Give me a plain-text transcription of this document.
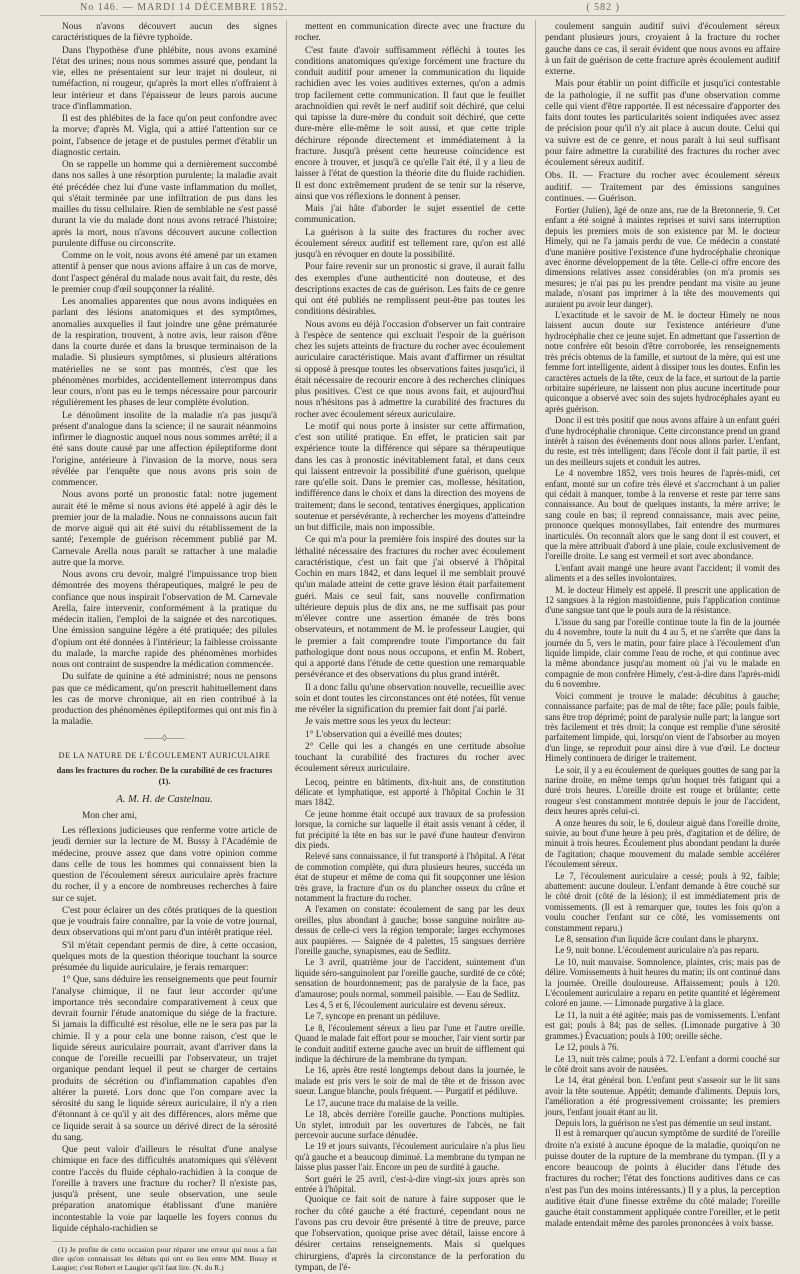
No 146. — MARDI 14 DÉCEMBRE 1852.	( 582 )

Nous n'avons découvert aucun des signes caractéristiques de la fièvre typhoïde.

Dans l'hypothèse d'une phlébite, nous avons examiné l'état des urines; nous nous sommes assuré que, pendant la vie, elles ne présentaient sur leur trajet ni douleur, ni tuméfaction, ni rougeur, qu'après la mort elles n'offraient à leur intérieur et dans l'épaisseur de leurs parois aucune trace d'inflammation.

Il est des phlébites de la face qu'on peut confondre avec la morve; d'après M. Vigla, qui a attiré l'attention sur ce point, l'absence de jetage et de pustules permet d'établir un diagnostic certain.

On se rappelle un homme qui a dernièrement succombé dans nos salles à une résorption purulente; la maladie avait été précédée chez lui d'une vaste inflammation du mollet, qui s'était terminée par une infiltration de pus dans les mailles du tissu cellulaire. Rien de semblable ne s'est passé durant la vie du malade dont nous avons retracé l'histoire; après la mort, nous n'avons découvert aucune collection purulente diffuse ou circonscrite.

Comme on le voit, nous avons été amené par un examen attentif à penser que nous avions affaire à un cas de morve, dont l'aspect général du malade nous avait fait, du reste, dès le premier coup d'œil soupçonner la réalité.

Les anomalies apparentes que nous avons indiquées en parlant des lésions anatomiques et des symptômes, anomalies auxquelles il faut joindre une gêne prématurée de la respiration, trouvent, à notre avis, leur raison d'être dans la courte durée et dans la brusque terminaison de la maladie. Si plusieurs symptômes, si plusieurs altérations matérielles ne se sont pas montrés, c'est que les phénomènes morbides, accidentellement interrompus dans leur cours, n'ont pas eu le temps nécessaire pour parcourir régulièrement les phases de leur complète évolution.

Le dénoûment insolite de la maladie n'a pas jusqu'à présent d'analogue dans la science; il ne saurait néanmoins infirmer le diagnostic auquel nous nous sommes arrêté; il a été sans doute causé par une affection épileptiforme dont l'origine, antérieure à l'invasion de la morve, nous sera révélée par l'enquête que nous avons pris soin de commencer.

Nous avons porté un pronostic fatal: notre jugement aurait été le même si nous avions été appelé à agir dès le premier jour de la maladie. Nous ne connaissons aucun fait de morve aiguë qui ait été suivi du rétablissement de la santé; l'exemple de guérison récemment publié par M. Carnevale Arella nous paraît se rattacher à une maladie autre que la morve.

Nous avons cru devoir, malgré l'impuissance trop bien démontrée des moyens thérapeutiques, malgré le peu de confiance que nous inspirait l'observation de M. Carnevale Arella, faire intervenir, conformément à la pratique du médecin italien, l'emploi de la saignée et des narcotiques. Une émission sanguine légère a été pratiquée; des pilules d'opium ont été données à l'intérieur; la faiblesse croissante du malade, la marche rapide des phénomènes morbides nous ont contraint de suspendre la médication commencée.

Du sulfate de quinine a été administré; nous ne pensons pas que ce médicament, qu'on prescrit habituellement dans les cas de morve chronique, ait en rien contribué à la production des phénomènes épileptiformes qui ont mis fin à la maladie.

——◊——
DE LA NATURE DE L'ÉCOULEMENT AURICULAIRE
dans les fractures du rocher. De la curabilité de ces fractures (1).
A. M. H. de Castelnau.

Mon cher ami,

Les réflexions judicieuses que renferme votre article de jeudi dernier sur la lecture de M. Bussy à l'Académie de médecine, prouve assez que dans votre opinion comme dans celle de tous les hommes qui connaissent bien la question de l'écoulement séreux auriculaire après fracture du rocher, il y a encore de nombreuses recherches à faire sur ce sujet.

C'est pour éclairer un des côtés pratiques de la question que je voudrais faire connaître, par la voie de votre journal, deux observations qui m'ont paru d'un intérêt pratique réel.

S'il m'était cependant permis de dire, à cette occasion, quelques mots de la question théorique touchant la source présumée du liquide auriculaire, je ferais remarquer:

1° Que, sans déduire les renseignements que peut fournir l'analyse chimique, il ne faut leur accorder qu'une importance très secondaire comparativement à ceux que devrait fournir l'étude anatomique du siége de la fracture. Si jamais la difficulté est résolue, elle ne le sera pas par la chimie. Il y a pour cela une bonne raison, c'est que le liquide séreux auriculaire pourrait, avant d'arriver dans la conque de l'oreille recueilli par l'observateur, un trajet organique pendant lequel il peut se charger de certains produits de sécrétion ou d'inflammation capables d'en altérer la pureté. Lors donc que l'on compare avec la sérosité du sang le liquide séreux auriculaire, il n'y a rien d'étonnant à ce qu'il y ait des différences, alors même que ce liquide serait à sa source un dérivé direct de la sérosité du sang.

Que peut valoir d'ailleurs le résultat d'une analyse chimique en face des difficultés anatomiques qui s'élèvent contre l'accès du fluide céphalo-rachidien à la conque de l'oreille à travers une fracture du rocher? Il n'existe pas, jusqu'à présent, une seule observation, une seule préparation anatomique établissant d'une manière incontestable la voie par laquelle les foyers connus du liquide céphalo-rachidien se

(1) Je profite de cette occasion pour réparer une erreur qui nous a fait dire qu'on connaissait les débats qui ont eu lieu entre MM. Bussy et Laugier; c'est Robert et Laugier qu'il faut lire. (N. du R.)

mettent en communication directe avec une fracture du rocher.

C'est faute d'avoir suffisamment réfléchi à toutes les conditions anatomiques qu'exige forcément une fracture du conduit auditif pour amener la communication du liquide rachidien avec les voies auditives externes, qu'on a admis trop facilement cette communication. Il faut que le feuillet arachnoïdien qui revêt le nerf auditif soit déchiré, que celui qui tapisse la dure-mère du conduit soit déchiré, que cette dure-mère elle-même le soit aussi, et que cette triple déchirure réponde directement et immédiatement à la fracture. Jusqu'à présent cette heureuse coïncidence est encore à trouver, et jusqu'à ce qu'elle l'ait été, il y a lieu de laisser à l'état de question la théorie dite du fluide rachidien. Il est donc extrêmement prudent de se tenir sur la réserve, ainsi que vos réflexions le donnent à penser.

Mais j'ai hâte d'aborder le sujet essentiel de cette communication.

La guérison à la suite des fractures du rocher avec écoulement séreux auditif est tellement rare, qu'on est allé jusqu'à en révoquer en doute la possibilité.

Pour faire revenir sur un pronostic si grave, il aurait fallu des exemples d'une authenticité non douteuse, et des descriptions exactes de cas de guérison. Les faits de ce genre qui ont été publiés ne remplissent peut-être pas toutes les conditions désirables.

Nous avons eu déjà l'occasion d'observer un fait contraire à l'espèce de sentence qui excluait l'espoir de la guérison chez les sujets atteints de fracture du rocher avec écoulement auriculaire caractéristique. Mais avant d'affirmer un résultat si opposé à presque toutes les observations faites jusqu'ici, il était nécessaire de recourir encore à des recherches cliniques plus positives. C'est ce que nous avons fait, et aujourd'hui nous n'hésitons pas à admettre la curabilité des fractures du rocher avec écoulement séreux auriculaire.

Le motif qui nous porte à insister sur cette affirmation, c'est son utilité pratique. En effet, le praticien sait par expérience toute la différence qui sépare sa thérapeutique dans les cas à pronostic inévitablement fatal, et dans ceux qui laissent entrevoir la possibilité d'une guérison, quelque rare qu'elle soit. Dans le premier cas, mollesse, hésitation, indifférence dans le choix et dans la direction des moyens de traitement; dans le second, tentatives énergiques, application soutenue et persévérante, à rechercher les moyens d'atteindre un but difficile, mais non impossible.

Ce qui m'a pour la première fois inspiré des doutes sur la léthalité nécessaire des fractures du rocher avec écoulement caractéristique, c'est un fait que j'ai observé à l'hôpital Cochin en mars 1842, et dans lequel il me semblait prouvé qu'un malade atteint de cette grave lésion était parfaitement guéri. Mais ce seul fait, sans nouvelle confirmation ultérieure depuis plus de dix ans, ne me suffisait pas pour m'élever contre une assertion émanée de très bons observateurs, et notamment de M. le professeur Laugier, qui le premier a fait comprendre toute l'importance du fait pathologique dont nous nous occupons, et enfin M. Robert, qui a apporté dans l'étude de cette question une remarquable persévérance et des observations du plus grand intérêt.

Il a donc fallu qu'une observation nouvelle, recueillie avec soin et dont toutes les circonstances ont été notées, fût venue me révéler la signification du premier fait dont j'ai parlé.

Je vais mettre sous les yeux du lecteur:

1° L'observation qui a éveillé mes doutes;

2° Celle qui les a changés en une certitude absolue touchant la curabilité des fractures du rocher avec écoulement séreux auriculaire.

Lecoq, peintre en bâtiments, dix-huit ans, de constitution délicate et lymphatique, est apporté à l'hôpital Cochin le 31 mars 1842.

Ce jeune homme était occupé aux travaux de sa profession lorsque, la corniche sur laquelle il était assis venant à céder, il fut précipité la tête en bas sur le pavé d'une hauteur d'environ dix pieds.

Relevé sans connaissance, il fut transporté à l'hôpital. A l'état de commotion complète, qui dura plusieurs heures, succéda un état de stupeur et même de coma qui fit soupçonner une lésion très grave, la fracture d'un os du plancher osseux du crâne et notamment la fracture du rocher.

A l'examen on constate: écoulement de sang par les deux oreilles, plus abondant à gauche; bosse sanguine noirâtre au-dessus de celle-ci vers la région temporale; larges ecchymoses aux paupières. — Saignée de 4 palettes, 15 sangsues derrière l'oreille gauche, synapismes, eau de Sedlitz.

Le 3 avril, quatrième jour de l'accident, suintement d'un liquide séro-sanguinolent par l'oreille gauche, surdité de ce côté; sensation de bourdonnement; pas de paralysie de la face, pas d'amaurose; pouls normal, sommeil paisible. — Eau de Sedlitz.

Les 4, 5 et 6, l'écoulement auriculaire est devenu séreux.

Le 7, syncope en prenant un pédiluve.

Le 8, l'écoulement séreux a lieu par l'une et l'autre oreille. Quand le malade fait effort pour se moucher, l'air vient sortir par le conduit auditif externe gauche avec un bruit de sifflement qui indique la déchirure de la membrane du tympan.

Le 16, après être resté longtemps debout dans la journée, le malade est pris vers le soir de mal de tête et de frisson avec sueur. Langue blanche, pouls fréquent. — Purgatif et pédiluve.

Le 17, aucune trace du malaise de la veille.

Le 18, abcès derrière l'oreille gauche. Ponctions multiples. Un stylet, introduit par les ouvertures de l'abcès, ne fait percevoir aucune surface dénudée.

Le 19 et jours suivants, l'écoulement auriculaire n'a plus lieu qu'à gauche et a beaucoup diminué. La membrane du tympan ne laisse plus passer l'air. Encore un peu de surdité à gauche.

Sort guéri le 25 avril, c'est-à-dire vingt-six jours après son entrée à l'hôpital.

Quoique ce fait soit de nature à faire supposer que le rocher du côté gauche a été fracturé, cependant nous ne l'avons pas cru devoir être présenté à titre de preuve, parce que l'observation, quoique prise avec détail, laisse encore à désirer certains renseignements. Mais si quelques chirurgiens, d'après la circonstance de la perforation du tympan, de l'é-

coulement sanguin auditif suivi d'écoulement séreux pendant plusieurs jours, croyaient à la fracture du rocher gauche dans ce cas, il serait évident que nous avons eu affaire à un fait de guérison de cette fracture après écoulement auditif externe.

Mais pour établir un point difficile et jusqu'ici contestable de la pathologie, il ne suffit pas d'une observation comme celle qui vient d'être rapportée. Il est nécessaire d'apporter des faits dont toutes les particularités soient indiquées avec assez de précision pour qu'il n'y ait place à aucun doute. Celui qui va suivre est de ce genre, et nous paraît à lui seul suffisant pour faire admettre la curabilité des fractures du rocher avec écoulement séreux auditif.

Obs. II. — Fracture du rocher avec écoulement séreux auditif. — Traitement par des émissions sanguines continues. — Guérison.

Fortier (Julien), âgé de onze ans, rue de la Bretonnerie, 9. Cet enfant a été soigné à maintes reprises et suivi sans interruption depuis les premiers mois de son existence par M. le docteur Himely, qui ne l'a jamais perdu de vue. Ce médecin a constaté d'une manière positive l'existence d'une hydrocéphalie chronique avec énorme développement de la tête. Celle-ci offre encore des dimensions relatives assez considérables (on m'a promis ses mesures; je n'ai pas pu les prendre pendant ma visite au jeune malade, n'osant pas imprimer à la tête des mouvements qui auraient pu avoir leur danger).

L'exactitude et le savoir de M. le docteur Himely ne nous laissent aucun doute sur l'existence antérieure d'une hydrocéphalie chez ce jeune sujet. En admettant que l'assertion de notre confrère eût besoin d'être corroborée, les renseignements très précis obtenus de la famille, et surtout de la mère, qui est une femme fort intelligente, aident à dissiper tous les doutes. Enfin les caractères actuels de la tête, ceux de la face, et surtout de la partie orbitaire supérieure, ne laissent non plus aucune incertitude pour quiconque a observé avec soin des sujets hydrocéphales ayant eu après guérison.

Donc il est très positif que nous avons affaire à un enfant guéri d'une hydrocéphalie chronique. Cette circonstance prend un grand intérêt à raison des événements dont nous allons parler. L'enfant, du reste, est très intelligent; dans l'école dont il fait partie, il est un des meilleurs sujets et conduit les autres.

Le 4 novembre 1852, vers trois heures de l'après-midi, cet enfant, monté sur un cofire très élevé et s'accrochant à un palier qui cédait à manquer, tombe à la renverse et reste par terre sans connaissance. Au bout de quelques instants, la mère arrive; le sang coule en bas; il reprend connaissance, mais avec peine, prononce quelques monosyllabes, fait entendre des murmures inarticulés. On reconnaît alors que le sang dont il est couvert, et que la mère attribuait d'abord à une plaie, coule exclusivement de l'oreille droite. Le sang est vermeil et sort avec abondance.

L'enfant avait mangé une heure avant l'accident; il vomit des aliments et a des selles involontaires.

M. le docteur Himely est appelé. Il prescrit une application de 12 sangsues à la région mastoïdienne, puis l'application continue d'une sangsue tant que le pouls aura de la résistance.

L'issue du sang par l'oreille continue toute la fin de la journée du 4 novembre, toute la nuit du 4 au 5, et ne s'arrête que dans la journée du 5, vers le matin, pour faire place à l'écoulement d'un liquide limpide, clair comme l'eau de roche, et qui continue avec la même abondance jusqu'au moment où j'ai vu le malade en compagnie de mon confrère Himely, c'est-à-dire dans l'après-midi du 6 novembre.

Voici comment je trouve le malade: décubitus à gauche; connaissance parfaite; pas de mal de tête; face pâle; pouls faible, sans être trop déprimé; point de paralysie nulle part; la langue sort très facilement et très droit; la conque est remplie d'une sérosité parfaitement limpide, qui, lorsqu'on vient de l'absorber au moyen d'un linge, se reproduit pour ainsi dire à vue d'œil. Le docteur Himely continuera de diriger le traitement.

Le soir, il y a eu écoulement de quelques gouttes de sang par la narine droite, en même temps qu'un hoquet très fatigant qui a duré trois heures. L'oreille droite est rouge et brûlante; cette rougeur s'est constamment montrée depuis le jour de l'accident, deux heures après celui-ci.

A onze heures du soir, le 6, douleur aiguë dans l'oreille droite, suivie, au bout d'une heure à peu près, d'agitation et de délire, de minuit à trois heures. Écoulement plus abondant pendant la durée de l'agitation; chaque mouvement du malade semble accélérer l'écoulement séreux.

Le 7, l'écoulement auriculaire a cessé; pouls à 92, faible; abattement: aucune douleur. L'enfant demande à être couché sur le côté droit (côté de la lésion); il est immédiatement pris de vomissements. (Il est à remarquer que, toutes les fois qu'on a voulu coucher l'enfant sur ce côté, les vomissements ont constamment reparu.)

Le 8, sensation d'un liquide âcre coulant dans le pharynx.

Le 9, nuit bonne. L'écoulement auriculaire n'a pas reparu.

Le 10, nuit mauvaise. Somnolence, plaintes, cris; mais pas de délire. Vomissements à huit heures du matin; ils ont continué dans la journée. Oreille douloureuse. Affaissement; pouls à 120. L'écoulement auriculaire a reparu en petite quantité et légèrement coloré en jaune. — Limonade purgative à la glace.

Le 11, la nuit a été agitée; mais pas de vomissements. L'enfant est gai; pouls à 84; pas de selles. (Limonade purgative à 30 grammes.) Évacuation; pouls à 100; oreille sèche.

Le 12, pouls à 76.

Le 13, nuit très calme; pouls à 72. L'enfant a dormi couché sur le côté droit sans avoir de nausées.

Le 14, état général bon. L'enfant peut s'asseoir sur le lit sans avoir la tête soutenue. Appétit; demande d'aliments. Depuis lors, l'amélioration a été progressivement croissante; les premiers jours, l'enfant jouait étant au lit.

Depuis lors, la guérison ne s'est pas démentie un seul instant.

Il est à remarquer qu'aucun symptôme de surdité de l'oreille droite n'a existé à aucune époque de la maladie, quoiqu'on ne puisse douter de la rupture de la membrane du tympan. (Il y a encore beaucoup de points à élucider dans l'étude des fractures du rocher; l'état des fonctions auditives dans ce cas n'est pas l'un des moins intéressants.) Il y a plus, la perception auditive était d'une finesse extrême du côté malade; l'oreille gauche était constamment appliquée contre l'oreiller, et le petit malade entendait même des paroles prononcées à voix basse.
